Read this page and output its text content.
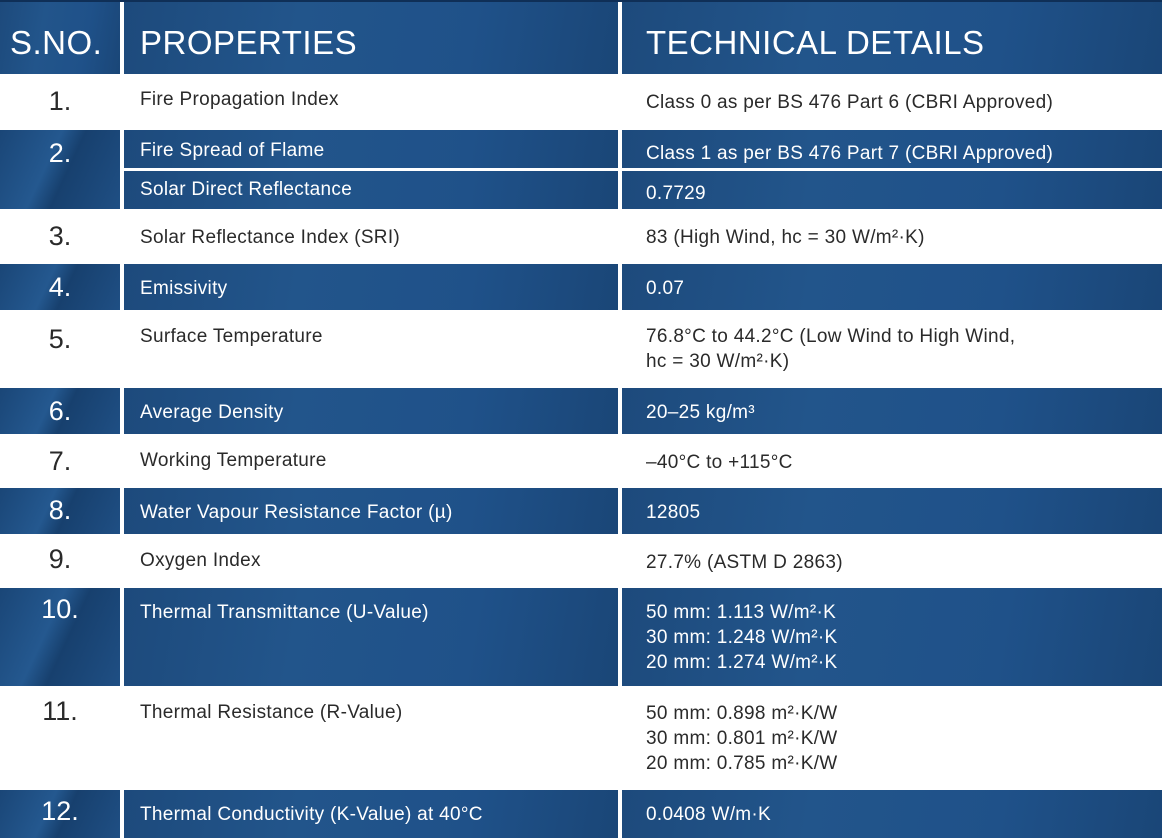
S.NO.	PROPERTIES	TECHNICAL DETAILS
1.	Fire Propagation Index	Class 0 as per BS 476 Part 6 (CBRI Approved)
2.	Fire Spread of Flame	Class 1 as per BS 476 Part 7 (CBRI Approved)
Solar Direct Reflectance	0.7729
3.	Solar Reflectance Index (SRI)	83 (High Wind, hc = 30 W/m²·K)
4.	Emissivity	0.07
5.	Surface Temperature	76.8°C to 44.2°C (Low Wind to High Wind,
hc = 30 W/m²·K)
6.	Average Density	20–25 kg/m³
7.	Working Temperature	–40°C to +115°C
8.	Water Vapour Resistance Factor (µ)	12805
9.	Oxygen Index	27.7% (ASTM D 2863)
10.	Thermal Transmittance (U-Value)	50 mm: 1.113 W/m²·K
30 mm: 1.248 W/m²·K
20 mm: 1.274 W/m²·K
11.	Thermal Resistance (R-Value)	50 mm: 0.898 m²·K/W
30 mm: 0.801 m²·K/W
20 mm: 0.785 m²·K/W
12.	Thermal Conductivity (K-Value) at 40°C	0.0408 W/m·K
